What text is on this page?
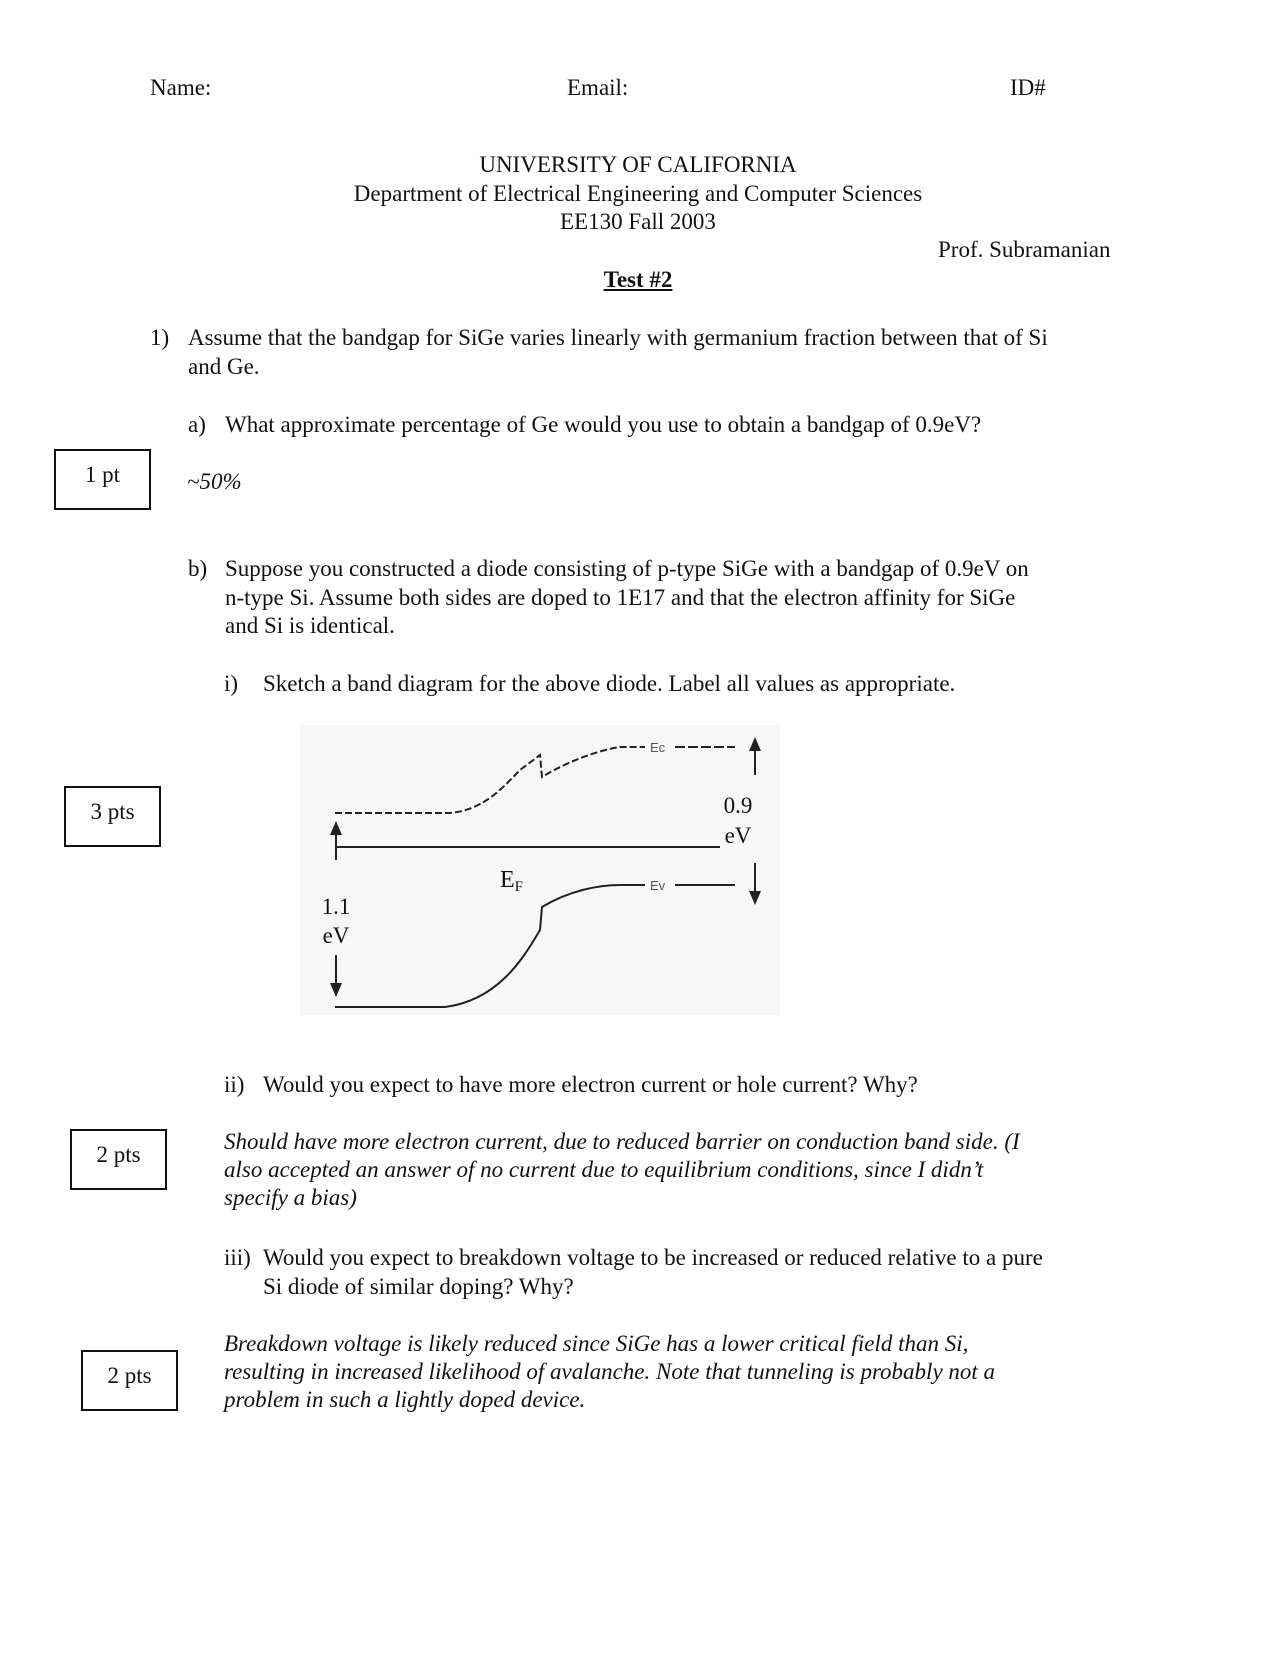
Name:	Email:	ID#
UNIVERSITY OF CALIFORNIA
Department of Electrical Engineering and Computer Sciences
EE130 Fall 2003
Prof. Subramanian
Test #2
1) Assume that the bandgap for SiGe varies linearly with germanium fraction between that of Si
and Ge.
a) What approximate percentage of Ge would you use to obtain a bandgap of 0.9eV?
1 pt	~50%
b) Suppose you constructed a diode consisting of p-type SiGe with a bandgap of 0.9eV on
n-type Si. Assume both sides are doped to 1E17 and that the electron affinity for SiGe
and Si is identical.
i) Sketch a band diagram for the above diode. Label all values as appropriate.
3 pts
Ec
Ev
0.9
eV
1.1
eV
EF
ii) Would you expect to have more electron current or hole current? Why?
2 pts
Should have more electron current, due to reduced barrier on conduction band side. (I
also accepted an answer of no current due to equilibrium conditions, since I didn’t
specify a bias)
iii) Would you expect to breakdown voltage to be increased or reduced relative to a pure
Si diode of similar doping? Why?
2 pts
Breakdown voltage is likely reduced since SiGe has a lower critical field than Si,
resulting in increased likelihood of avalanche. Note that tunneling is probably not a
problem in such a lightly doped device.
